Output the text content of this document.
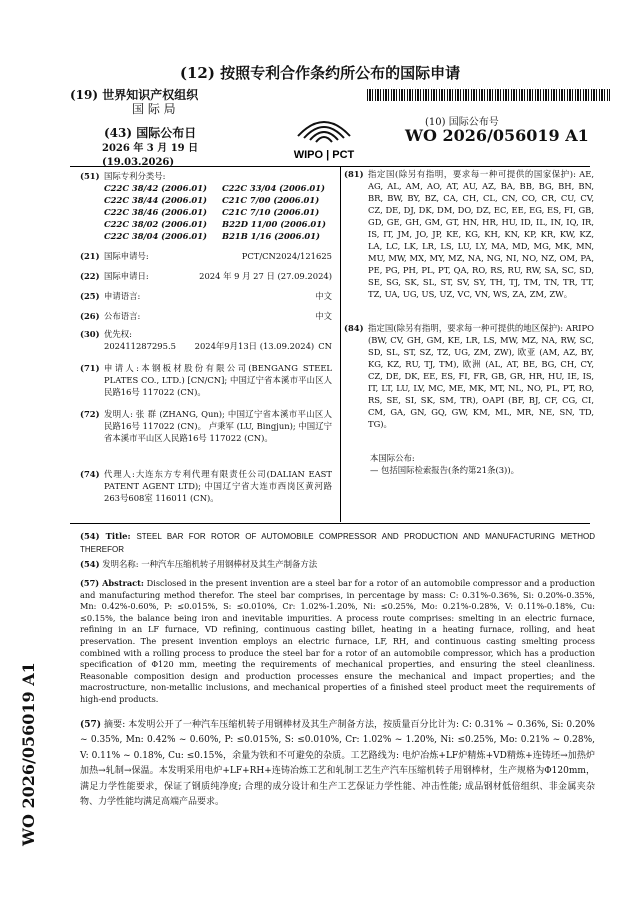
(12) 按照专利合作条约所公布的国际申请
(19) 世界知识产权组织
国 际 局
(43) 国际公布日
2026 年 3 月 19 日 (19.03.2026)
WIPO | PCT
(10) 国际公布号
WO 2026/056019 A1
(51) 国际专利分类号:
C22C 38/42 (2006.01)	C22C 33/04 (2006.01)
C22C 38/44 (2006.01)	C21C 7/00 (2006.01)
C22C 38/46 (2006.01)	C21C 7/10 (2006.01)
C22C 38/02 (2006.01)	B22D 11/00 (2006.01)
C22C 38/04 (2006.01)	B21B 1/16 (2006.01)
(21) 国际申请号:	PCT/CN2024/121625
(22) 国际申请日:	2024 年 9 月 27 日 (27.09.2024)
(25) 申请语言:	中文
(26) 公布语言:	中文
(30) 优先权:
202411287295.5 2024年9月13日 (13.09.2024) CN
(71) 申请人:本钢板材股份有限公司(BENGANG STEEL PLATES CO., LTD.) [CN/CN]; 中国辽宁省本溪市平山区人民路16号 117022 (CN)。
(72) 发明人: 张 群 (ZHANG, Qun); 中国辽宁省本溪市平山区人民路16号 117022 (CN)。 卢秉军 (LU, Bingjun); 中国辽宁省本溪市平山区人民路16号 117022 (CN)。
(74) 代理人:大连东方专利代理有限责任公司(DALIAN EAST PATENT AGENT LTD); 中国辽宁省大连市西岗区黄河路263号608室 116011 (CN)。
(81) 指定国(除另有指明，要求每一种可提供的国家保护): AE, AG, AL, AM, AO, AT, AU, AZ, BA, BB, BG, BH, BN, BR, BW, BY, BZ, CA, CH, CL, CN, CO, CR, CU, CV, CZ, DE, DJ, DK, DM, DO, DZ, EC, EE, EG, ES, FI, GB, GD, GE, GH, GM, GT, HN, HR, HU, ID, IL, IN, IQ, IR, IS, IT, JM, JO, JP, KE, KG, KH, KN, KP, KR, KW, KZ, LA, LC, LK, LR, LS, LU, LY, MA, MD, MG, MK, MN, MU, MW, MX, MY, MZ, NA, NG, NI, NO, NZ, OM, PA, PE, PG, PH, PL, PT, QA, RO, RS, RU, RW, SA, SC, SD, SE, SG, SK, SL, ST, SV, SY, TH, TJ, TM, TN, TR, TT, TZ, UA, UG, US, UZ, VC, VN, WS, ZA, ZM, ZW。
(84) 指定国(除另有指明，要求每一种可提供的地区保护): ARIPO (BW, CV, GH, GM, KE, LR, LS, MW, MZ, NA, RW, SC, SD, SL, ST, SZ, TZ, UG, ZM, ZW), 欧亚 (AM, AZ, BY, KG, KZ, RU, TJ, TM), 欧洲 (AL, AT, BE, BG, CH, CY, CZ, DE, DK, EE, ES, FI, FR, GB, GR, HR, HU, IE, IS, IT, LT, LU, LV, MC, ME, MK, MT, NL, NO, PL, PT, RO, RS, SE, SI, SK, SM, TR), OAPI (BF, BJ, CF, CG, CI, CM, GA, GN, GQ, GW, KM, ML, MR, NE, SN, TD, TG)。
本国际公布:
— 包括国际检索报告(条约第21条(3))。
(54) Title: STEEL BAR FOR ROTOR OF AUTOMOBILE COMPRESSOR AND PRODUCTION AND MANUFACTURING METHOD THEREFOR
(54) 发明名称: 一种汽车压缩机转子用钢棒材及其生产制备方法
(57) Abstract: Disclosed in the present invention are a steel bar for a rotor of an automobile compressor and a production and manufacturing method therefor. The steel bar comprises, in percentage by mass: C: 0.31%-0.36%, Si: 0.20%-0.35%, Mn: 0.42%-0.60%, P: ≤0.015%, S: ≤0.010%, Cr: 1.02%-1.20%, Ni: ≤0.25%, Mo: 0.21%-0.28%, V: 0.11%-0.18%, Cu: ≤0.15%, the balance being iron and inevitable impurities. A process route comprises: smelting in an electric furnace, refining in an LF furnace, VD refining, continuous casting billet, heating in a heating furnace, rolling, and heat preservation. The present invention employs an electric furnace, LF, RH, and continuous casting smelting process combined with a rolling process to produce the steel bar for a rotor of an automobile compressor, which has a production specification of Φ120 mm, meeting the requirements of mechanical properties, and ensuring the steel cleanliness. Reasonable composition design and production processes ensure the mechanical and impact properties; and the macrostructure, non-metallic inclusions, and mechanical properties of a finished steel product meet the requirements of high-end products.
(57) 摘要: 本发明公开了一种汽车压缩机转子用钢棒材及其生产制备方法，按质量百分比计为: C: 0.31% ~ 0.36%, Si: 0.20% ~ 0.35%, Mn: 0.42% ~ 0.60%, P: ≤0.015%, S: ≤0.010%, Cr: 1.02% ~ 1.20%, Ni: ≤0.25%, Mo: 0.21% ~ 0.28%, V: 0.11% ~ 0.18%, Cu: ≤0.15%，余量为铁和不可避免的杂质。工艺路线为: 电炉冶炼+LF炉精炼+VD精炼+连铸坯→加热炉加热→轧制→保温。本发明采用电炉+LF+RH+连铸冶炼工艺和轧制工艺生产汽车压缩机转子用钢棒材，生产规格为Φ120mm，满足力学性能要求，保证了钢质纯净度; 合理的成分设计和生产工艺保证力学性能、冲击性能; 成品钢材低倍组织、非金属夹杂物、力学性能均满足高端产品要求。
WO 2026/056019 A1
